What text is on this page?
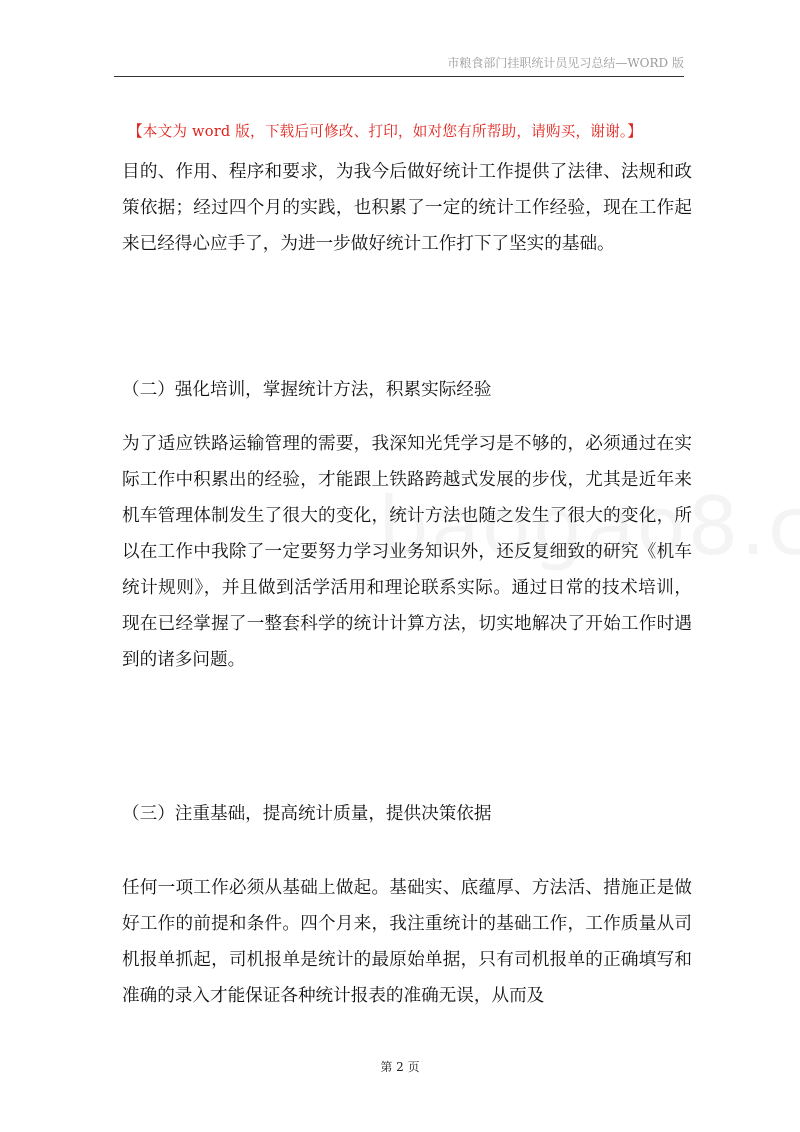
市粮食部门挂职统计员见习总结—WORD 版
【本文为 word 版，下载后可修改、打印，如对您有所帮助，请购买，谢谢。】

目的、作用、程序和要求，为我今后做好统计工作提供了法律、法规和政策依据；经过四个月的实践，也积累了一定的统计工作经验，现在工作起来已经得心应手了，为进一步做好统计工作打下了坚实的基础。

（二）强化培训，掌握统计方法，积累实际经验

为了适应铁路运输管理的需要，我深知光凭学习是不够的，必须通过在实际工作中积累出的经验，才能跟上铁路跨越式发展的步伐，尤其是近年来机车管理体制发生了很大的变化，统计方法也随之发生了很大的变化，所以在工作中我除了一定要努力学习业务知识外，还反复细致的研究《机车统计规则》，并且做到活学活用和理论联系实际。通过日常的技术培训，现在已经掌握了一整套科学的统计计算方法，切实地解决了开始工作时遇到的诸多问题。

（三）注重基础，提高统计质量，提供决策依据

任何一项工作必须从基础上做起。基础实、底蕴厚、方法活、措施正是做好工作的前提和条件。四个月来，我注重统计的基础工作，工作质量从司机报单抓起，司机报单是统计的最原始单据，只有司机报单的正确填写和准确的录入才能保证各种统计报表的准确无误，从而及

第 2 页
